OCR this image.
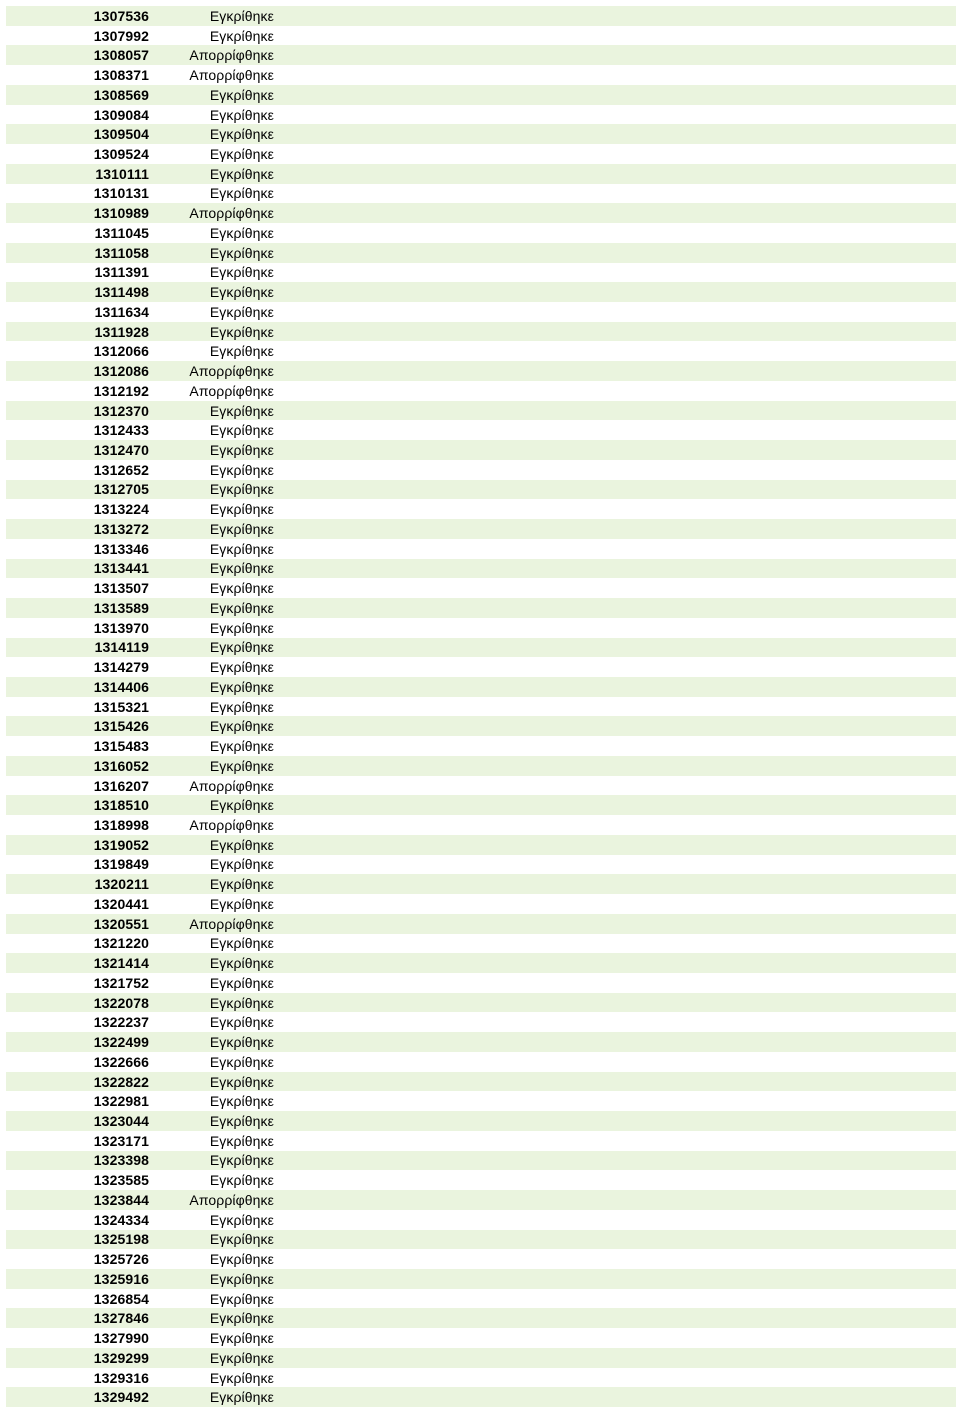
1307536	Εγκρίθηκε
1307992	Εγκρίθηκε
1308057	Απορρίφθηκε
1308371	Απορρίφθηκε
1308569	Εγκρίθηκε
1309084	Εγκρίθηκε
1309504	Εγκρίθηκε
1309524	Εγκρίθηκε
1310111	Εγκρίθηκε
1310131	Εγκρίθηκε
1310989	Απορρίφθηκε
1311045	Εγκρίθηκε
1311058	Εγκρίθηκε
1311391	Εγκρίθηκε
1311498	Εγκρίθηκε
1311634	Εγκρίθηκε
1311928	Εγκρίθηκε
1312066	Εγκρίθηκε
1312086	Απορρίφθηκε
1312192	Απορρίφθηκε
1312370	Εγκρίθηκε
1312433	Εγκρίθηκε
1312470	Εγκρίθηκε
1312652	Εγκρίθηκε
1312705	Εγκρίθηκε
1313224	Εγκρίθηκε
1313272	Εγκρίθηκε
1313346	Εγκρίθηκε
1313441	Εγκρίθηκε
1313507	Εγκρίθηκε
1313589	Εγκρίθηκε
1313970	Εγκρίθηκε
1314119	Εγκρίθηκε
1314279	Εγκρίθηκε
1314406	Εγκρίθηκε
1315321	Εγκρίθηκε
1315426	Εγκρίθηκε
1315483	Εγκρίθηκε
1316052	Εγκρίθηκε
1316207	Απορρίφθηκε
1318510	Εγκρίθηκε
1318998	Απορρίφθηκε
1319052	Εγκρίθηκε
1319849	Εγκρίθηκε
1320211	Εγκρίθηκε
1320441	Εγκρίθηκε
1320551	Απορρίφθηκε
1321220	Εγκρίθηκε
1321414	Εγκρίθηκε
1321752	Εγκρίθηκε
1322078	Εγκρίθηκε
1322237	Εγκρίθηκε
1322499	Εγκρίθηκε
1322666	Εγκρίθηκε
1322822	Εγκρίθηκε
1322981	Εγκρίθηκε
1323044	Εγκρίθηκε
1323171	Εγκρίθηκε
1323398	Εγκρίθηκε
1323585	Εγκρίθηκε
1323844	Απορρίφθηκε
1324334	Εγκρίθηκε
1325198	Εγκρίθηκε
1325726	Εγκρίθηκε
1325916	Εγκρίθηκε
1326854	Εγκρίθηκε
1327846	Εγκρίθηκε
1327990	Εγκρίθηκε
1329299	Εγκρίθηκε
1329316	Εγκρίθηκε
1329492	Εγκρίθηκε
